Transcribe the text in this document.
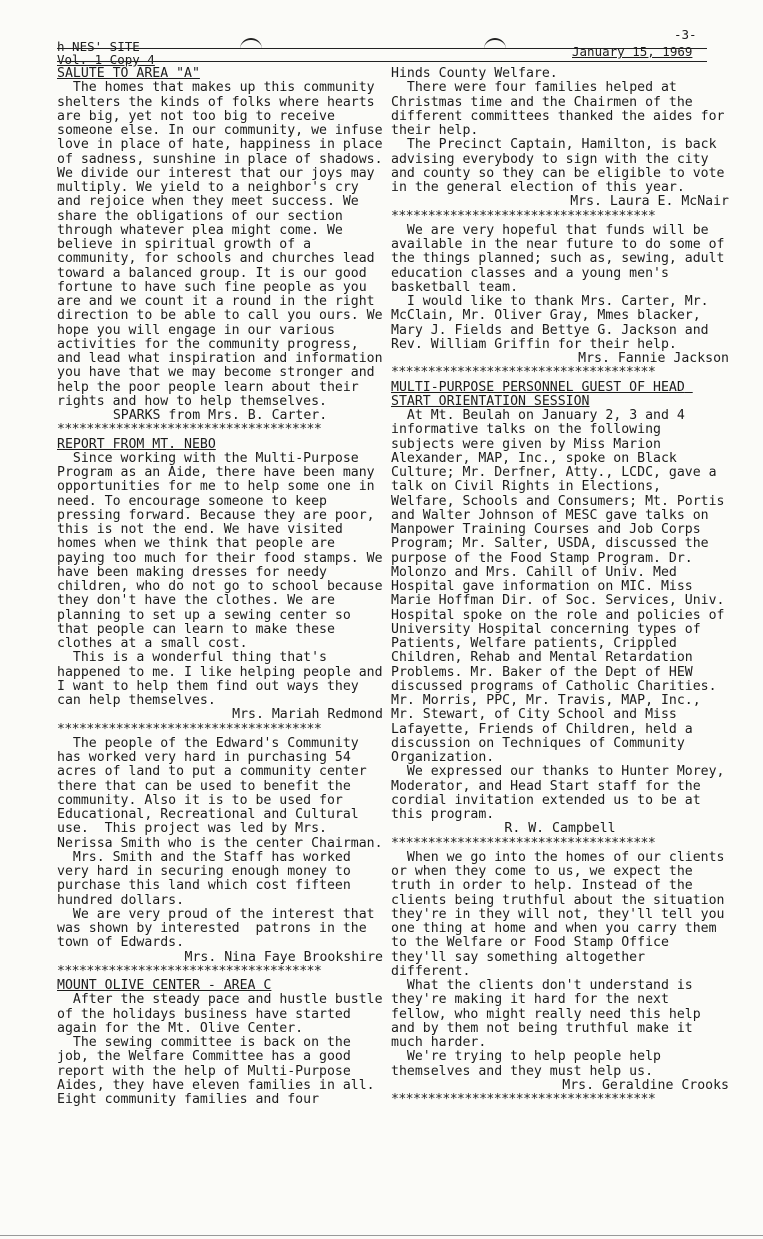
h NES' SITE
Vol. 1 Copy 4
-3-
January 15, 1969

SALUTE TO AREA "A"

The homes that makes up this community shelters the kinds of folks where hearts are big, yet not too big to receive someone else. In our community, we infuse love in place of hate, happiness in place of sadness, sunshine in place of shadows. We divide our interest that our joys may multiply. We yield to a neighbor's cry and rejoice when they meet success. We share the obligations of our section through whatever plea might come. We believe in spiritual growth of a community, for schools and churches lead toward a balanced group. It is our good fortune to have such fine people as you are and we count it a round in the right direction to be able to call you ours. We hope you will engage in our various activities for the community progress, and lead what inspiration and information you have that we may become stronger and help the poor people learn about their rights and how to help themselves.

SPARKS from Mrs. B. Carter.

************************************

REPORT FROM MT. NEBO

Since working with the Multi-Purpose Program as an Aide, there have been many opportunities for me to help some one in need. To encourage someone to keep pressing forward. Because they are poor, this is not the end. We have visited homes when we think that people are paying too much for their food stamps. We have been making dresses for needy children, who do not go to school because they don't have the clothes. We are planning to set up a sewing center so that people can learn to make these clothes at a small cost.

This is a wonderful thing that's happened to me. I like helping people and I want to help them find out ways they can help themselves.

Mrs. Mariah Redmond

************************************

The people of the Edward's Community has worked very hard in purchasing 54 acres of land to put a community center there that can be used to benefit the community. Also it is to be used for Educational, Recreational and Cultural use.  This project was led by Mrs. Nerissa Smith who is the center Chairman.

Mrs. Smith and the Staff has worked very hard in securing enough money to purchase this land which cost fifteen hundred dollars.

We are very proud of the interest that was shown by interested  patrons in the town of Edwards.

Mrs. Nina Faye Brookshire

************************************

MOUNT OLIVE CENTER - AREA C

After the steady pace and hustle bustle of the holidays business have started again for the Mt. Olive Center.

The sewing committee is back on the job, the Welfare Committee has a good report with the help of Multi-Purpose Aides, they have eleven families in all. Eight community families and four

Hinds County Welfare.

There were four families helped at Christmas time and the Chairmen of the different committees thanked the aides for their help.

The Precinct Captain, Hamilton, is back advising everybody to sign with the city and county so they can be eligible to vote in the general election of this year.

Mrs. Laura E. McNair

************************************

We are very hopeful that funds will be available in the near future to do some of the things planned; such as, sewing, adult education classes and a young men's basketball team.

I would like to thank Mrs. Carter, Mr. McClain, Mr. Oliver Gray, Mmes blacker, Mary J. Fields and Bettye G. Jackson and Rev. William Griffin for their help.

Mrs. Fannie Jackson

************************************

MULTI-PURPOSE PERSONNEL GUEST OF HEAD START ORIENTATION SESSION

At Mt. Beulah on January 2, 3 and 4 informative talks on the following subjects were given by Miss Marion Alexander, MAP, Inc., spoke on Black Culture; Mr. Derfner, Atty., LCDC, gave a talk on Civil Rights in Elections, Welfare, Schools and Consumers; Mt. Portis and Walter Johnson of MESC gave talks on Manpower Training Courses and Job Corps Program; Mr. Salter, USDA, discussed the purpose of the Food Stamp Program. Dr. Molonzo and Mrs. Cahill of Univ. Med Hospital gave information on MIC. Miss Marie Hoffman Dir. of Soc. Services, Univ. Hospital spoke on the role and policies of University Hospital concerning types of Patients, Welfare patients, Crippled Children, Rehab and Mental Retardation Problems. Mr. Baker of the Dept of HEW discussed programs of Catholic Charities. Mr. Morris, PPC, Mr. Travis, MAP, Inc., Mr. Stewart, of City School and Miss Lafayette, Friends of Children, held a discussion on Techniques of Community Organization.

We expressed our thanks to Hunter Morey, Moderator, and Head Start staff for the cordial invitation extended us to be at this program.

R. W. Campbell

************************************

When we go into the homes of our clients or when they come to us, we expect the truth in order to help. Instead of the clients being truthful about the situation they're in they will not, they'll tell you one thing at home and when you carry them to the Welfare or Food Stamp Office they'll say something altogether different.

What the clients don't understand is they're making it hard for the next fellow, who might really need this help and by them not being truthful make it much harder.

We're trying to help people help themselves and they must help us.

Mrs. Geraldine Crooks

************************************
